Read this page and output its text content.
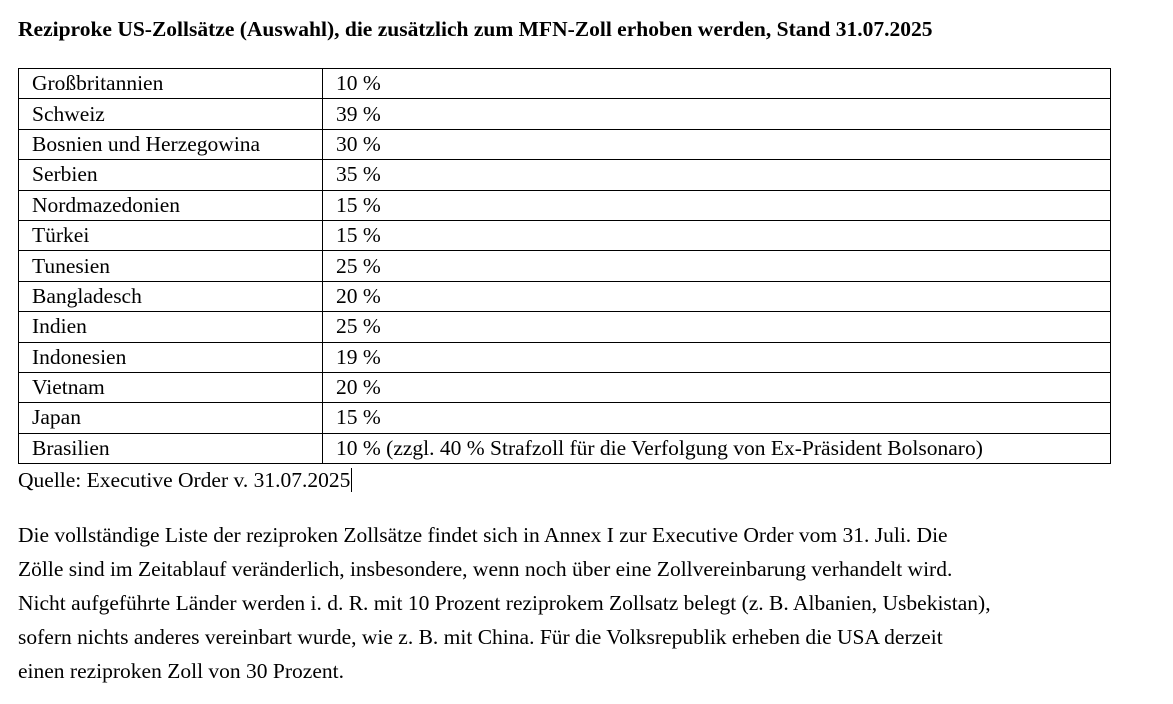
Reziproke US-Zollsätze (Auswahl), die zusätzlich zum MFN-Zoll erhoben werden, Stand 31.07.2025
Großbritannien	10 %
Schweiz	39 %
Bosnien und Herzegowina	30 %
Serbien	35 %
Nordmazedonien	15 %
Türkei	15 %
Tunesien	25 %
Bangladesch	20 %
Indien	25 %
Indonesien	19 %
Vietnam	20 %
Japan	15 %
Brasilien	10 % (zzgl. 40 % Strafzoll für die Verfolgung von Ex-Präsident Bolsonaro)

Quelle: Executive Order v. 31.07.2025

Die vollständige Liste der reziproken Zollsätze findet sich in Annex I zur Executive Order vom 31. Juli. Die
Zölle sind im Zeitablauf veränderlich, insbesondere, wenn noch über eine Zollvereinbarung verhandelt wird.
Nicht aufgeführte Länder werden i. d. R. mit 10 Prozent reziprokem Zollsatz belegt (z. B. Albanien, Usbekistan),
sofern nichts anderes vereinbart wurde, wie z. B. mit China. Für die Volksrepublik erheben die USA derzeit
einen reziproken Zoll von 30 Prozent.
